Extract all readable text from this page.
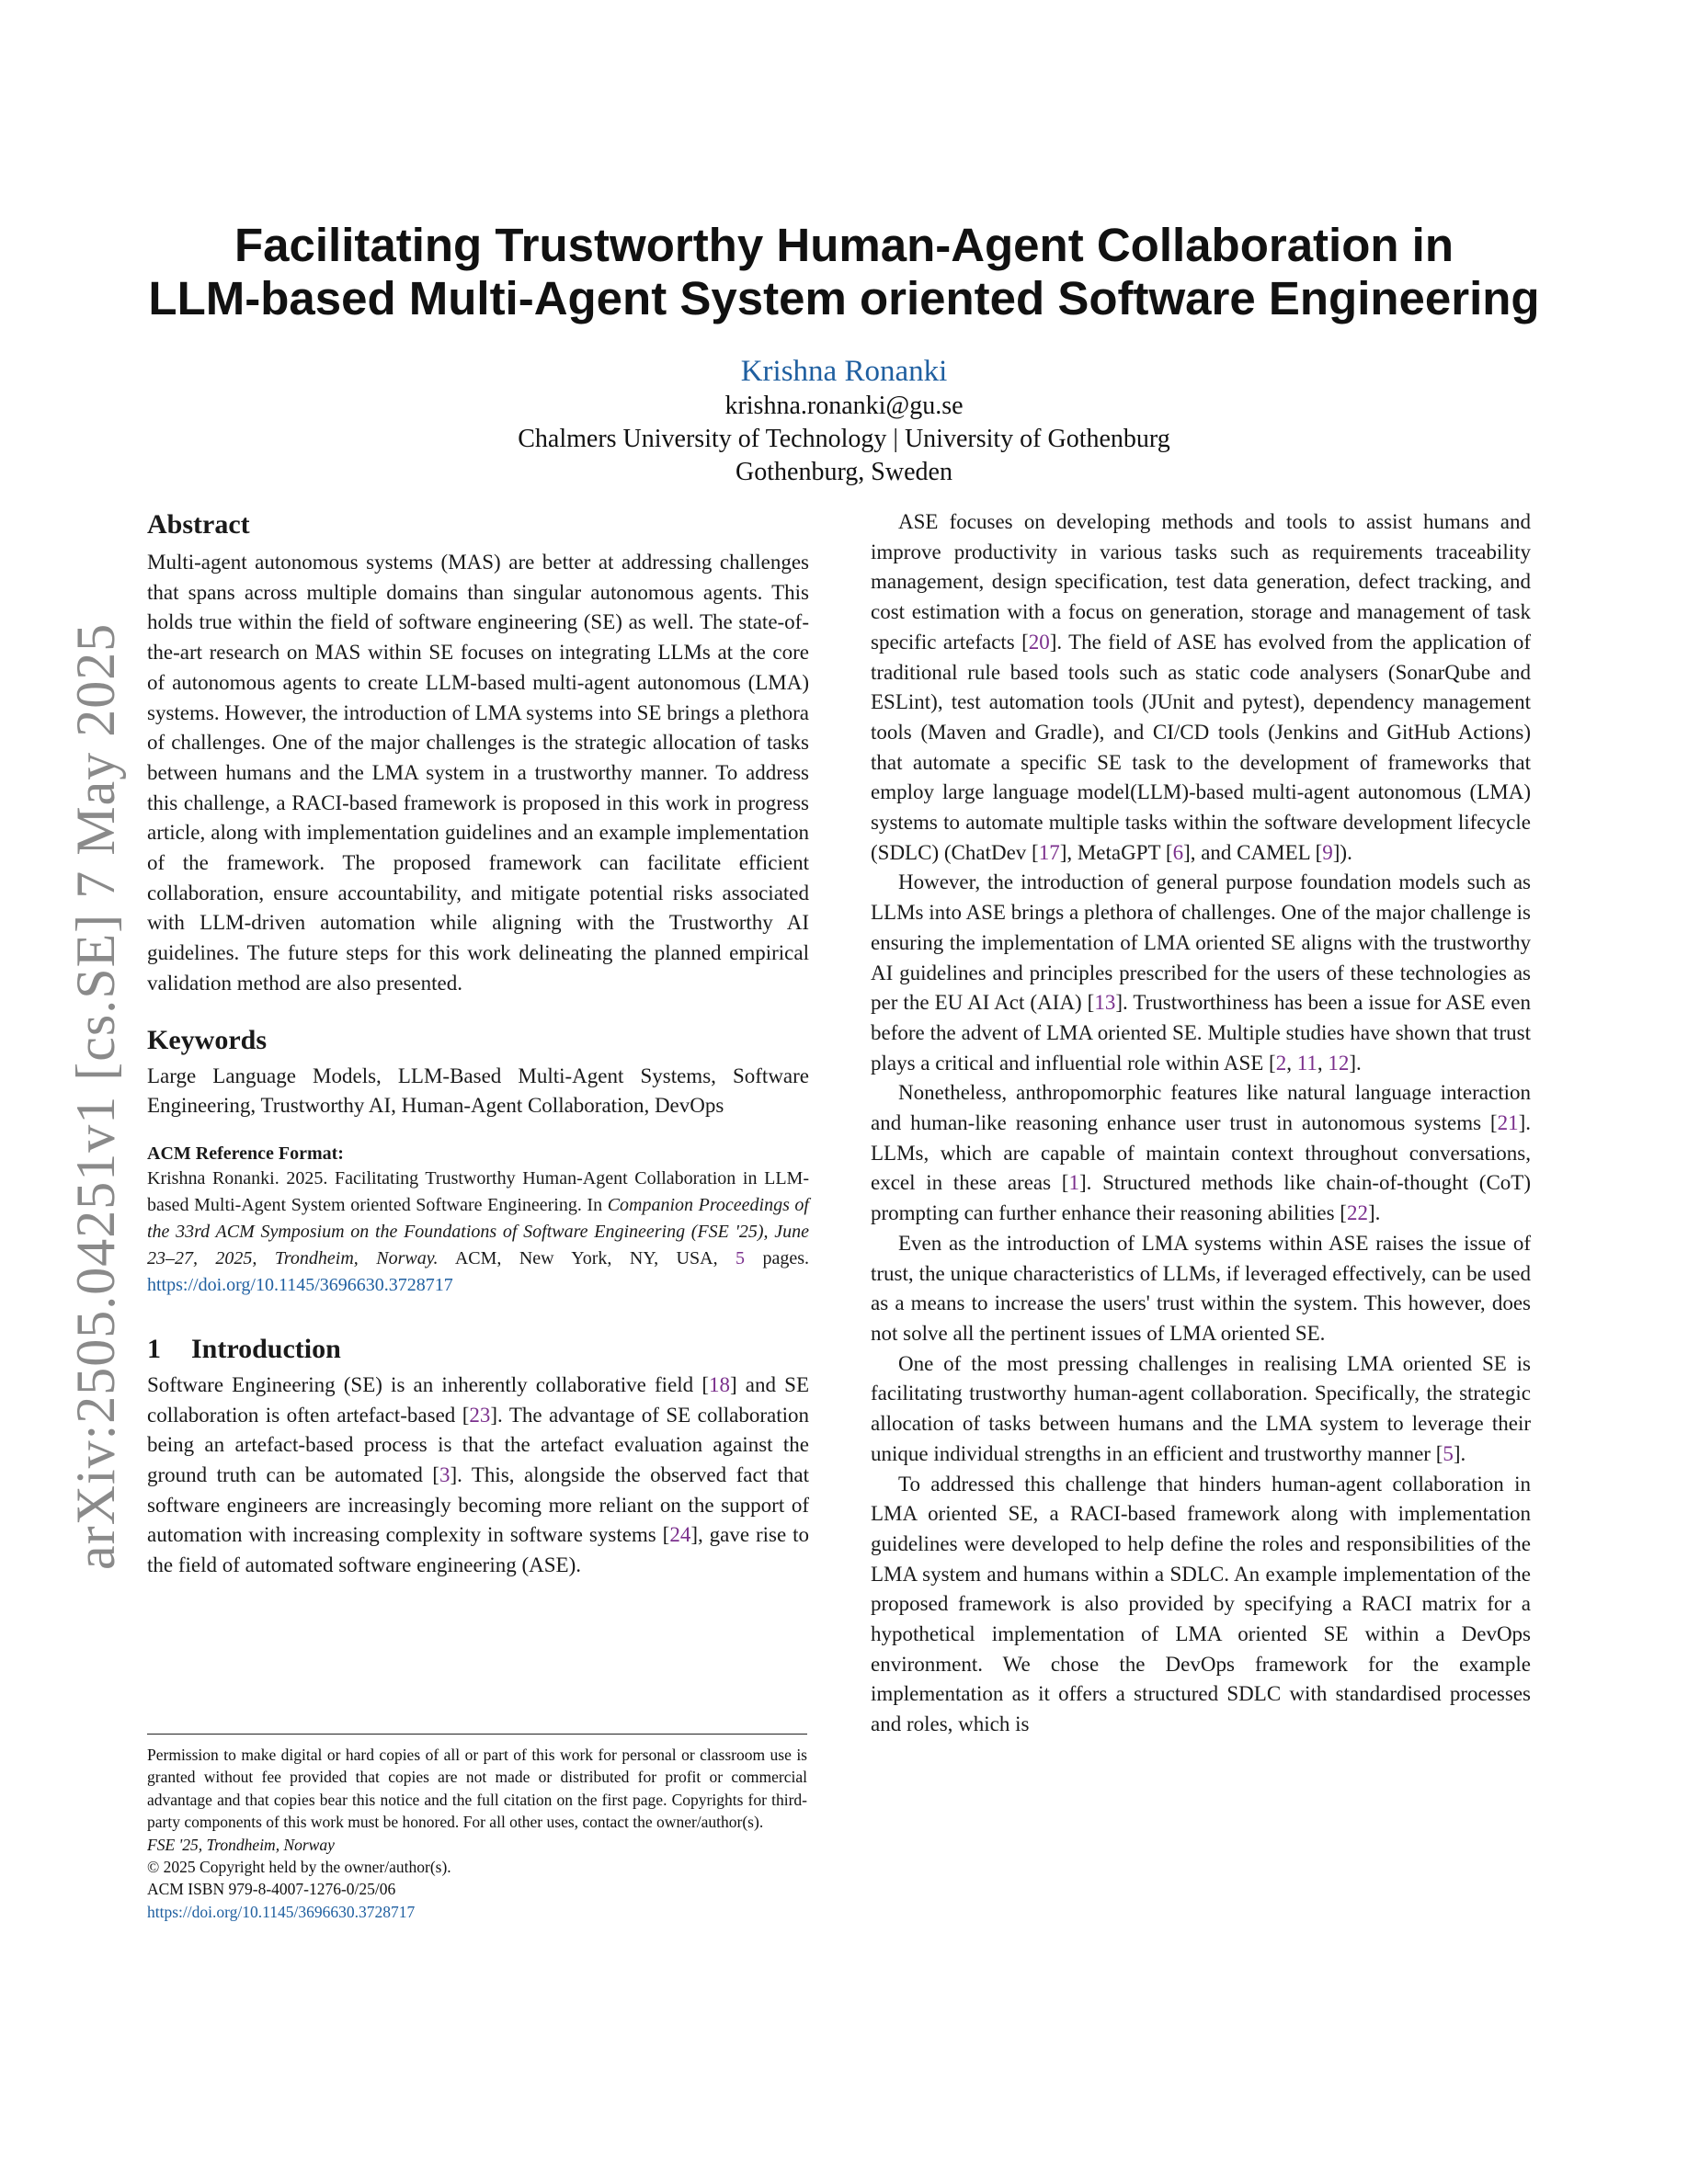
arXiv:2505.04251v1 [cs.SE] 7 May 2025
Facilitating Trustworthy Human-Agent Collaboration in
LLM-based Multi-Agent System oriented Software Engineering
Krishna Ronanki
krishna.ronanki@gu.se
Chalmers University of Technology | University of Gothenburg
Gothenburg, Sweden
Abstract

Multi-agent autonomous systems (MAS) are better at addressing challenges that spans across multiple domains than singular autonomous agents. This holds true within the field of software engineering (SE) as well. The state-of-the-art research on MAS within SE focuses on integrating LLMs at the core of autonomous agents to create LLM-based multi-agent autonomous (LMA) systems. However, the introduction of LMA systems into SE brings a plethora of challenges. One of the major challenges is the strategic allocation of tasks between humans and the LMA system in a trustworthy manner. To address this challenge, a RACI-based framework is proposed in this work in progress article, along with implementation guidelines and an example implementation of the framework. The proposed framework can facilitate efficient collaboration, ensure accountability, and mitigate potential risks associated with LLM-driven automation while aligning with the Trustworthy AI guidelines. The future steps for this work delineating the planned empirical validation method are also presented.

Keywords

Large Language Models, LLM-Based Multi-Agent Systems, Software Engineering, Trustworthy AI, Human-Agent Collaboration, DevOps

ACM Reference Format:
Krishna Ronanki. 2025. Facilitating Trustworthy Human-Agent Collaboration in LLM-based Multi-Agent System oriented Software Engineering. In Companion Proceedings of the 33rd ACM Symposium on the Foundations of Software Engineering (FSE '25), June 23–27, 2025, Trondheim, Norway. ACM, New York, NY, USA, 5 pages. https://doi.org/10.1145/3696630.3728717
1 Introduction

Software Engineering (SE) is an inherently collaborative field [18] and SE collaboration is often artefact-based [23]. The advantage of SE collaboration being an artefact-based process is that the artefact evaluation against the ground truth can be automated [3]. This, alongside the observed fact that software engineers are increasingly becoming more reliant on the support of automation with increasing complexity in software systems [24], gave rise to the field of automated software engineering (ASE).

ASE focuses on developing methods and tools to assist humans and improve productivity in various tasks such as requirements traceability management, design specification, test data generation, defect tracking, and cost estimation with a focus on generation, storage and management of task specific artefacts [20]. The field of ASE has evolved from the application of traditional rule based tools such as static code analysers (SonarQube and ESLint), test automation tools (JUnit and pytest), dependency management tools (Maven and Gradle), and CI/CD tools (Jenkins and GitHub Actions) that automate a specific SE task to the development of frameworks that employ large language model(LLM)-based multi-agent autonomous (LMA) systems to automate multiple tasks within the software development lifecycle (SDLC) (ChatDev [17], MetaGPT [6], and CAMEL [9]).

However, the introduction of general purpose foundation models such as LLMs into ASE brings a plethora of challenges. One of the major challenge is ensuring the implementation of LMA oriented SE aligns with the trustworthy AI guidelines and principles prescribed for the users of these technologies as per the EU AI Act (AIA) [13]. Trustworthiness has been a issue for ASE even before the advent of LMA oriented SE. Multiple studies have shown that trust plays a critical and influential role within ASE [2, 11, 12].

Nonetheless, anthropomorphic features like natural language interaction and human-like reasoning enhance user trust in autonomous systems [21]. LLMs, which are capable of maintain context throughout conversations, excel in these areas [1]. Structured methods like chain-of-thought (CoT) prompting can further enhance their reasoning abilities [22].

Even as the introduction of LMA systems within ASE raises the issue of trust, the unique characteristics of LLMs, if leveraged effectively, can be used as a means to increase the users' trust within the system. This however, does not solve all the pertinent issues of LMA oriented SE.

One of the most pressing challenges in realising LMA oriented SE is facilitating trustworthy human-agent collaboration. Specifically, the strategic allocation of tasks between humans and the LMA system to leverage their unique individual strengths in an efficient and trustworthy manner [5].

To addressed this challenge that hinders human-agent collaboration in LMA oriented SE, a RACI-based framework along with implementation guidelines were developed to help define the roles and responsibilities of the LMA system and humans within a SDLC. An example implementation of the proposed framework is also provided by specifying a RACI matrix for a hypothetical implementation of LMA oriented SE within a DevOps environment. We chose the DevOps framework for the example implementation as it offers a structured SDLC with standardised processes and roles, which is

Permission to make digital or hard copies of all or part of this work for personal or classroom use is granted without fee provided that copies are not made or distributed for profit or commercial advantage and that copies bear this notice and the full citation on the first page. Copyrights for third-party components of this work must be honored. For all other uses, contact the owner/author(s).
FSE '25, Trondheim, Norway
© 2025 Copyright held by the owner/author(s).
ACM ISBN 979-8-4007-1276-0/25/06
https://doi.org/10.1145/3696630.3728717
